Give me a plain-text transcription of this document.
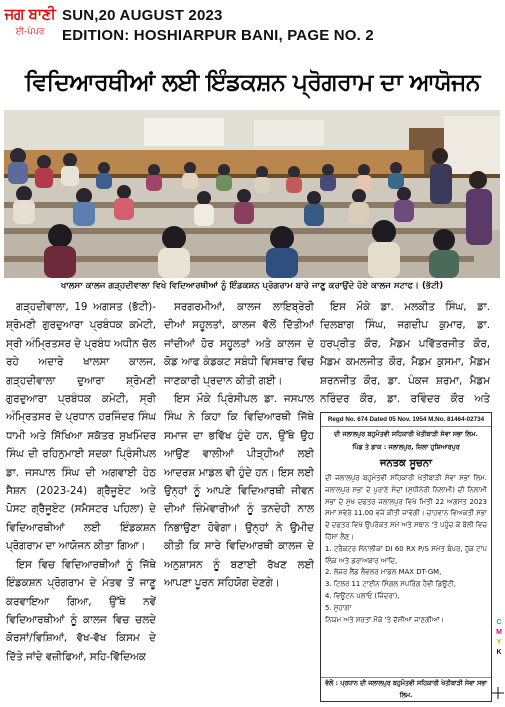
ਜਗ ਬਾਣੀ
ਈ-ਪੇਪਰ
SUN,20 AUGUST 2023
EDITION: HOSHIARPUR BANI, PAGE NO. 2
ਵਿਦਿਆਰਥੀਆਂ ਲਈ ਇੰਡਕਸ਼ਨ ਪ੍ਰੋਗਰਾਮ ਦਾ ਆਯੋਜਨ
ਖਾਲਸਾ ਕਾਲਜ ਗੜ੍ਹਦੀਵਾਲਾ ਵਿਖੇ ਵਿਦਿਆਰਥੀਆਂ ਨੂੰ ਇੰਡਕਸ਼ਨ ਪ੍ਰੋਗਰਾਮ ਬਾਰੇ ਜਾਣੂ ਕਰਾਉਂਦੇ ਹੋਏ ਕਾਲਜ ਸਟਾਫ। (ਭੱਟੀ)

ਗੜ੍ਹਦੀਵਾਲਾ, 19 ਅਗਸਤ (ਭੱਟੀ)-ਸ਼੍ਰੋਮਣੀ ਗੁਰਦੁਆਰਾ ਪ੍ਰਬੰਧਕ ਕਮੇਟੀ, ਸ੍ਰੀ ਅੰਮ੍ਰਿਤਸਰ ਦੇ ਪ੍ਰਬੰਧ ਅਧੀਨ ਚੱਲ ਰਹੇ ਅਦਾਰੇ ਖਾਲਸਾ ਕਾਲਜ, ਗੜ੍ਹਦੀਵਾਲਾ ਦੁਆਰਾ ਸ਼੍ਰੋਮਣੀ ਗੁਰਦੁਆਰਾ ਪ੍ਰਬੰਧਕ ਕਮੇਟੀ, ਸ੍ਰੀ ਅੰਮ੍ਰਿਤਸਰ ਦੇ ਪ੍ਰਧਾਨ ਹਰਜਿੰਦਰ ਸਿੰਘ ਧਾਮੀ ਅਤੇ ਸਿੱਖਿਆ ਸਕੱਤਰ ਸੁਖਮਿੰਦਰ ਸਿੰਘ ਦੀ ਰਹਿਨੁਮਾਈ ਸਦਕਾ ਪ੍ਰਿੰਸੀਪਲ ਡਾ. ਜਸਪਾਲ ਸਿੰਘ ਦੀ ਅਗਵਾਈ ਹੇਠ ਸੈਸ਼ਨ (2023-24) ਗ੍ਰੈਜੂਏਟ ਅਤੇ ਪੋਸਟ ਗ੍ਰੈਜੂਏਟ (ਸਮੈਸਟਰ ਪਹਿਲਾ) ਦੇ ਵਿਦਿਆਰਥੀਆਂ ਲਈ ਇੰਡਕਸ਼ਨ ਪ੍ਰੋਗਰਾਮ ਦਾ ਆਯੋਜਨ ਕੀਤਾ ਗਿਆ।

ਇਸ ਵਿਚ ਵਿਦਿਆਰਥੀਆਂ ਨੂੰ ਜਿੱਥੇ ਇੰਡਕਸ਼ਨ ਪ੍ਰੋਗਰਾਮ ਦੇ ਮੰਤਵ ਤੋਂ ਜਾਣੂ ਕਰਵਾਇਆ ਗਿਆ, ਉੱਥੇ ਨਵੇਂ ਵਿਦਿਆਰਥੀਆਂ ਨੂੰ ਕਾਲਜ ਵਿਚ ਚਲਦੇ ਕੋਰਸਾਂ/ਵਿਸ਼ਿਆਂ, ਵੱਖ-ਵੱਖ ਕਿਸਮ ਦੇ ਦਿੱਤੇ ਜਾਂਦੇ ਵਜ਼ੀਫਿਆਂ, ਸਹਿ-ਵਿੱਦਿਅਕ

ਸਰਗਰਮੀਆਂ, ਕਾਲਜ ਲਾਇਬ੍ਰੇਰੀ ਦੀਆਂ ਸਹੂਲਤਾਂ, ਕਾਲਜ ਵੱਲੋਂ ਦਿੱਤੀਆਂ ਜਾਂਦੀਆਂ ਹੋਰ ਸਹੂਲਤਾਂ ਅਤੇ ਕਾਲਜ ਦੇ ਕੋਡ ਆਫ ਕੰਡਕਟ ਸਬੰਧੀ ਵਿਸਥਾਰ ਵਿਚ ਜਾਣਕਾਰੀ ਪ੍ਰਦਾਨ ਕੀਤੀ ਗਈ।

ਇਸ ਮੌਕੇ ਪ੍ਰਿੰਸੀਪਲ ਡਾ. ਜਸਪਾਲ ਸਿੰਘ ਨੇ ਕਿਹਾ ਕਿ ਵਿਦਿਆਰਥੀ ਜਿੱਥੇ ਸਮਾਜ ਦਾ ਭਵਿੱਖ ਹੁੰਦੇ ਹਨ, ਉੱਥੇ ਉਹ ਆਉਣ ਵਾਲੀਆਂ ਪੀੜ੍ਹੀਆਂ ਲਈ ਆਦਰਸ਼ ਮਾਡਲ ਵੀ ਹੁੰਦੇ ਹਨ। ਇਸ ਲਈ ਉਨ੍ਹਾਂ ਨੂੰ ਆਪਣੇ ਵਿਦਿਆਰਥੀ ਜੀਵਨ ਦੀਆਂ ਜ਼ਿੰਮੇਵਾਰੀਆਂ ਨੂੰ ਤਨਦੇਹੀ ਨਾਲ ਨਿਭਾਉਣਾ ਹੋਵੇਗਾ। ਉਨ੍ਹਾਂ ਨੇ ਉਮੀਦ ਕੀਤੀ ਕਿ ਸਾਰੇ ਵਿਦਿਆਰਥੀ ਕਾਲਜ ਦੇ ਅਨੁਸ਼ਾਸਨ ਨੂੰ ਬਣਾਈ ਰੱਖਣ ਲਈ ਆਪਣਾ ਪੂਰਨ ਸਹਿਯੋਗ ਦੇਣਗੇ।

ਇਸ ਮੌਕੇ ਡਾ. ਮਲਕੀਤ ਸਿੰਘ, ਡਾ. ਦਿਲਬਾਗ ਸਿੰਘ, ਜਗਦੀਪ ਕੁਮਾਰ, ਡਾ. ਹਰਪ੍ਰੀਤ ਕੌਰ, ਮੈਡਮ ਪਵਿੱਤਰਜੀਤ ਕੌਰ, ਮੈਡਮ ਕਮਲਜੀਤ ਕੌਰ, ਮੈਡਮ ਕੁਸਮਾ, ਮੈਡਮ ਸ਼ਰਨਜੀਤ ਕੌਰ, ਡਾ. ਪੰਕਜ ਸ਼ਰਮਾ, ਮੈਡਮ ਨਰਿੰਦਰ ਕੌਰ, ਡਾ. ਰਵਿੰਦਰ ਕੌਰ ਅਤੇ

Regd No. 674 Dated 05 Nov. 1954 M.No. 81464-02734
ਦੀ ਜਲਾਲਪੁਰ ਬਹੁਮੰਤਵੀ ਸਹਿਕਾਰੀ ਖੇਤੀਬਾੜੀ ਸੇਵਾ ਸਭਾ ਲਿਮ.
ਪਿੰਡ ਤੇ ਡਾਕ : ਜਲਾਲਪੁਰ, ਜ਼ਿਲਾ ਹੁਸ਼ਿਆਰਪੁਰ
ਜਨਤਕ ਸੂਚਨਾ
ਦੀ ਜਲਾਲਪੁਰ ਬਹੁਮੰਤਵੀ ਸਹਿਕਾਰੀ ਖੇਤੀਬਾੜੀ ਸੇਵਾ ਸਭਾ ਲਿਮ. ਜਲਾਲਪੁਰ ਸਭਾ ਦੇ ਪੁਰਾਣੇ ਸੰਦਾਂ (ਸੁਧੀਨੇਰੀ ਨਿਲਾਮੀ) ਦੀ ਨਿਲਾਮੀ ਸਭਾ ਦੇ ਮੁੱਖ ਦਫਤਰ ਜਲਾਲਪੁਰ ਵਿਖੇ ਮਿਤੀ 22 ਅਗਸਤ 2023 ਸਮਾਂ ਸਵੇਰੇ 11.00 ਵਜੇ ਕੀਤੀ ਜਾਵੇਗੀ। ਚਾਹਵਾਨ ਵਿਅਕਤੀ ਸਭਾ ਦੇ ਦਫਤਰ ਵਿਖੇ ਉਪਰੋਕਤ ਸਮੇਂ ਅਤੇ ਸਥਾਨ 'ਤੇ ਪਹੁੰਚ ਕੇ ਬੋਲੀ ਵਿਚ ਹਿੱਸਾ ਲੈਣ।
1. ਟਰੈਕਟਰ ਸੋਨਾਲੀਕਾ DI 60 RX P/S ਸਮੇਤ ਬੰਪਰ, ਹੁੱਕ ਟਾਪ ਲਿੰਕ ਅਤੇ ਡਰਾਅਬਾਰ ਆਦਿ,
2. ਲੇਜ਼ਰ ਲੈਂਡ ਲੈਵਲਰ ਮਾਡਲ MAX DT-GM,
3. ਟਿਲਰ 11 ਟਾਈਨ ਸਿੰਗਲ ਸਪਰਿੰਗ ਹੈਵੀ ਡਿਊਟੀ,
4. ਵਿਊਟਨ ਪਲਾਓ (ਜਿੰਦਰਾ),
5. ਸੁਹਾਗਾ
ਨਿਯਮ ਅਤੇ ਸ਼ਰਤਾਂ ਮੌਕੇ 'ਤੇ ਦੱਸੀਆਂ ਜਾਣਗੀਆਂ।
ਵੱਲੋਂ : ਪ੍ਰਧਾਨ ਦੀ ਜਲਾਲਪੁਰ ਬਹੁਮੰਤਵੀ ਸਹਿਕਾਰੀ ਖੇਤੀਬਾੜੀ ਸੇਵਾ ਸਭਾ ਲਿਮ.
C
M
Y
K
